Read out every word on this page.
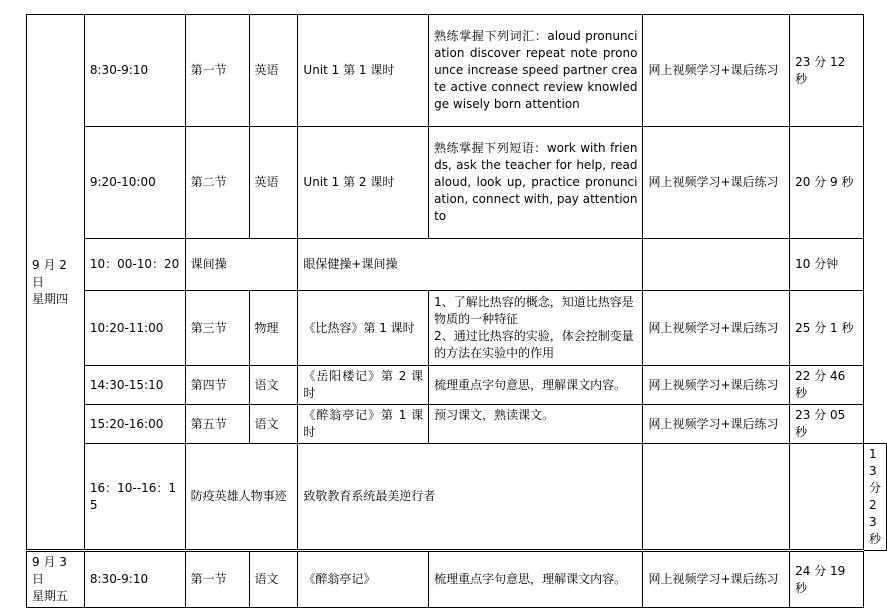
9 月 2 日
星期四	8:30-9:10	第一节	英语	Unit 1 第 1 课时	熟练掌握下列词汇：aloud pronunciation discover repeat note pronounce increase speed partner create active connect review knowledge wisely born attention	网上视频学习+课后练习	23 分 12 秒	
	9:20-10:00	第二节	英语	Unit 1 第 2 课时	熟练掌握下列短语：work with friends, ask the teacher for help, read aloud, look up, practice pronunciation, connect with, pay attention to	网上视频学习+课后练习	20 分 9 秒	
	10：00-10：20	课间操		眼保健操+课间操			10 分钟	
	10:20-11:00	第三节	物理	《比热容》第 1 课时	1、了解比热容的概念，知道比热容是物质的一种特征
2、通过比热容的实验，体会控制变量的方法在实验中的作用	网上视频学习+课后练习	25 分 1 秒	
	14:30-15:10	第四节	语文	《岳阳楼记》第 2 课时	梳理重点字句意思，理解课文内容。	网上视频学习+课后练习	22 分 46 秒	
	15:20-16:00	第五节	语文	《醉翁亭记》第 1 课时	预习课文，熟读课文。	网上视频学习+课后练习	23 分 05 秒	
	16：10--16：15	防疫英雄人物事迹		致敬教育系统最美逆行者				13 分 23 秒
9 月 3 日
星期五	8:30-9:10	第一节	语文	《醉翁亭记》	梳理重点字句意思，理解课文内容。	网上视频学习+课后练习	24 分 19 秒	
